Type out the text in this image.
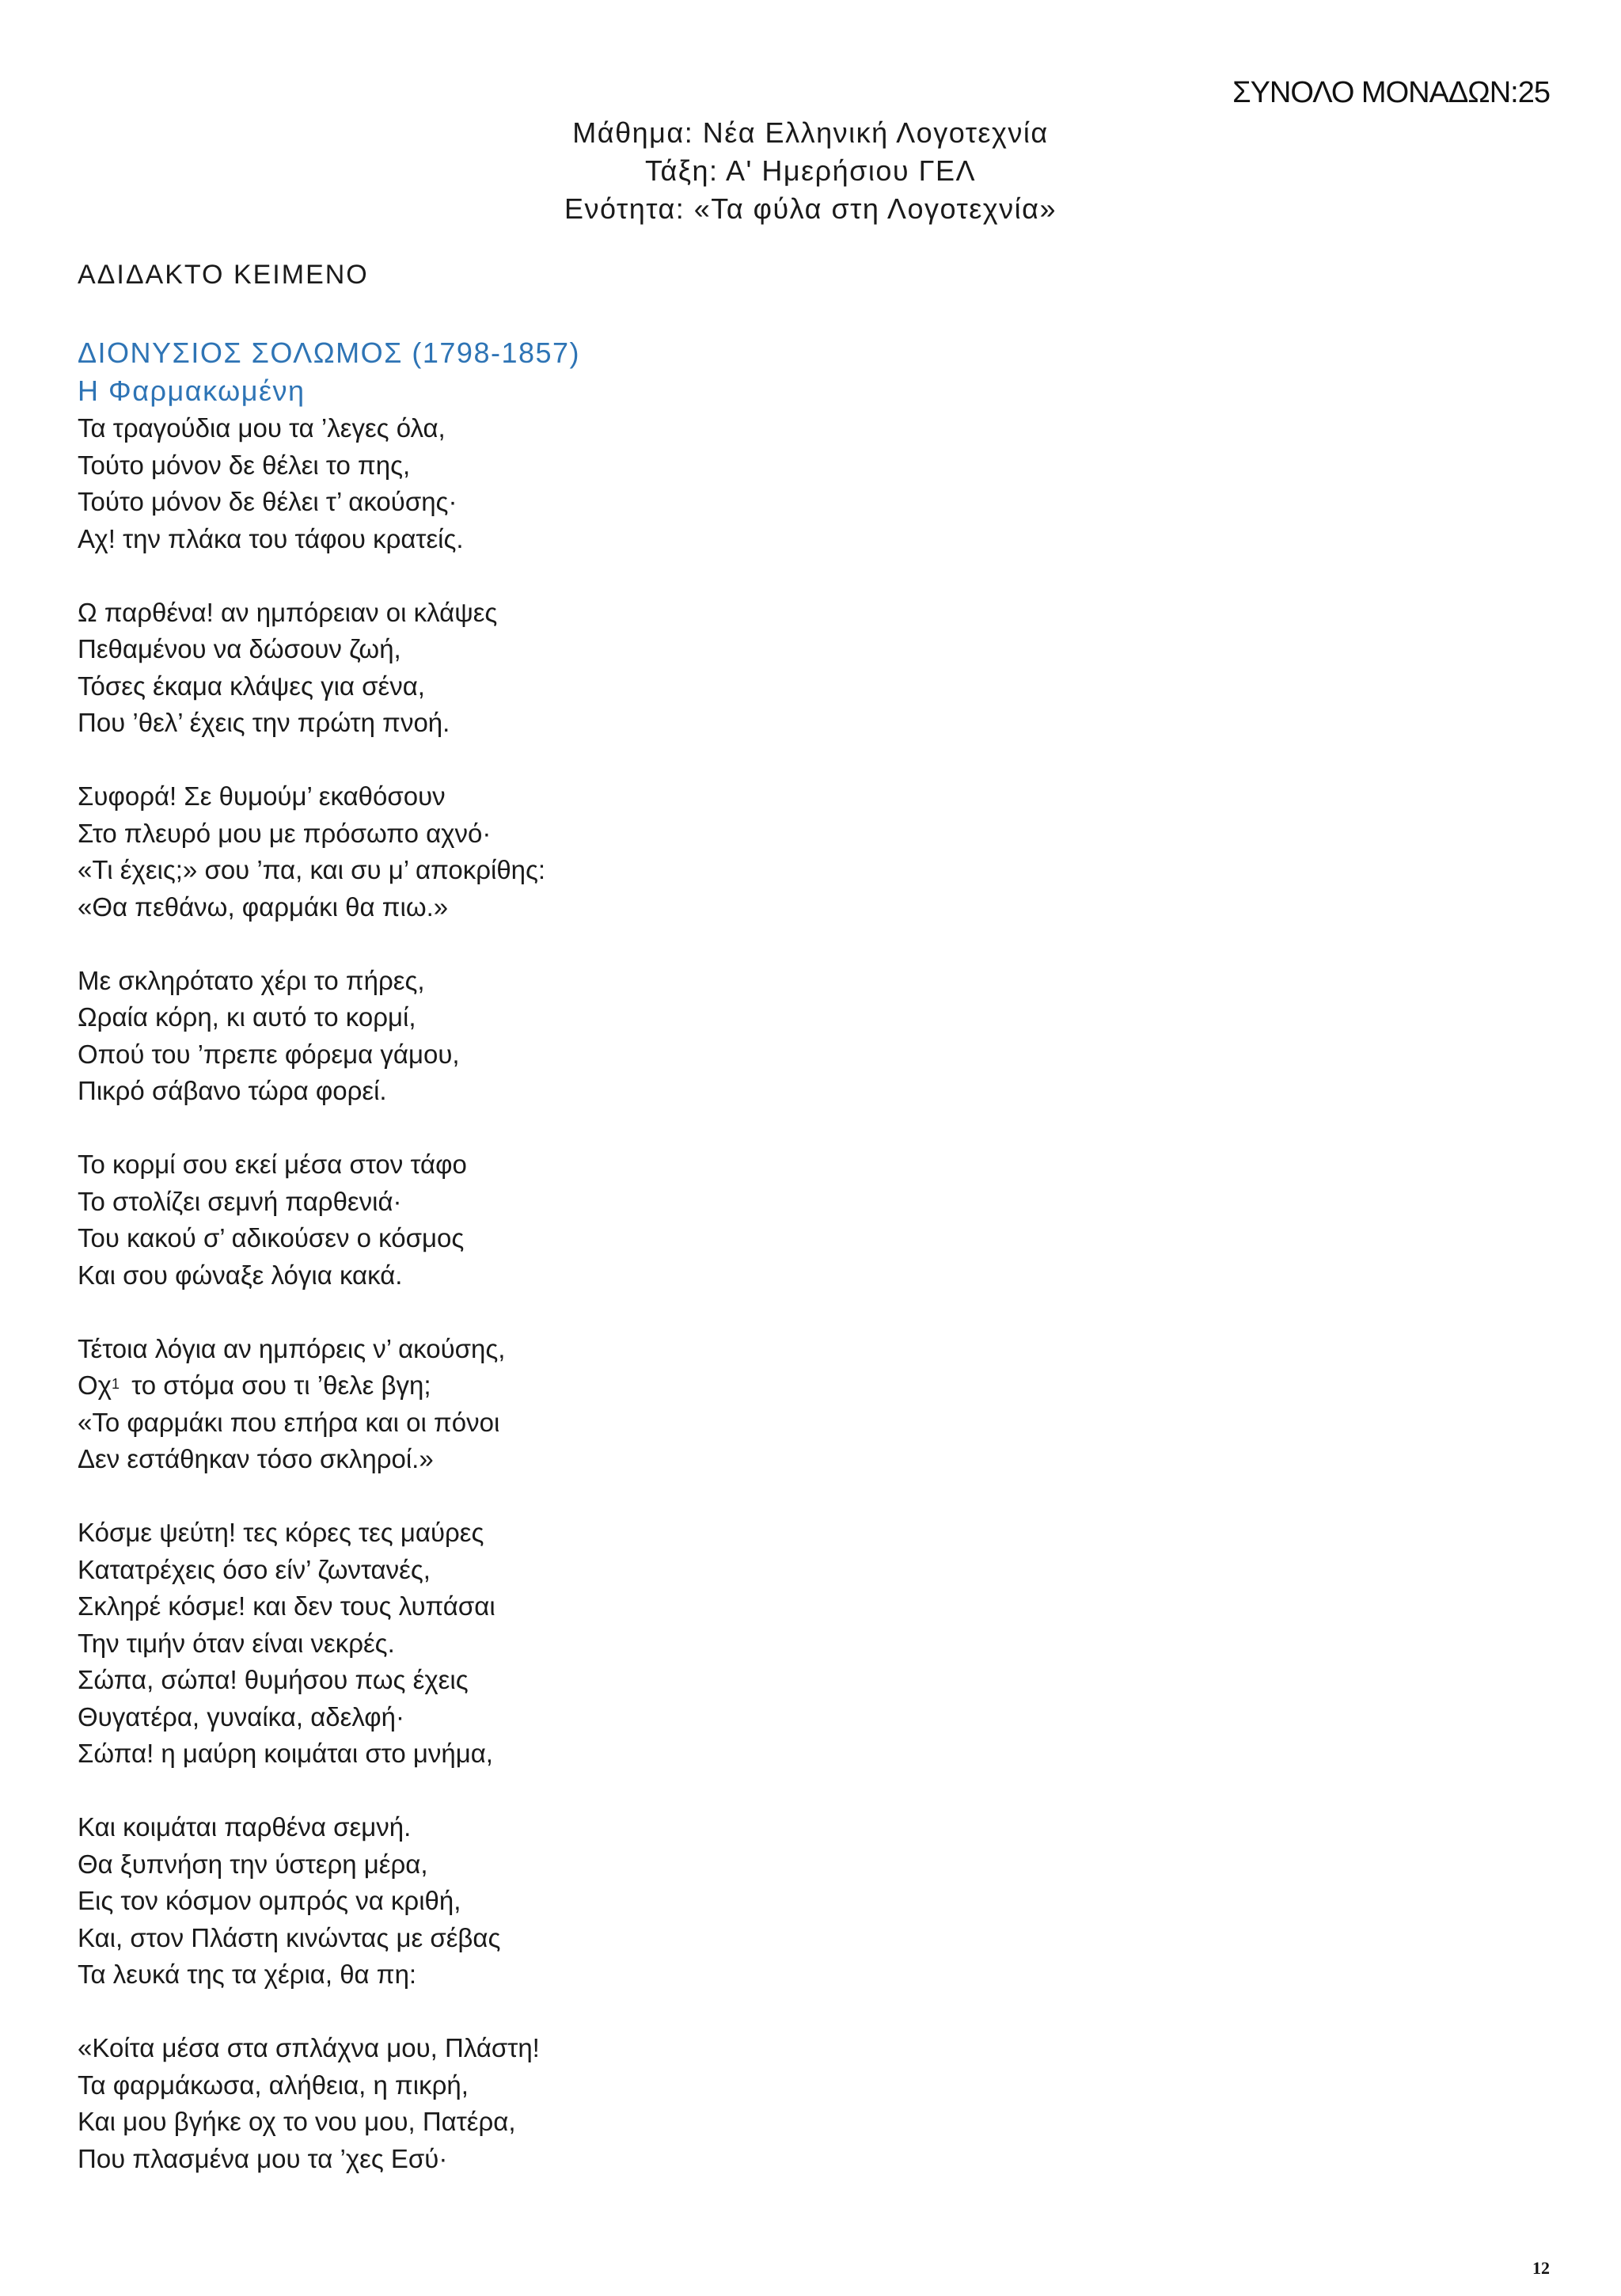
ΣΥΝΟΛΟ ΜΟΝΑΔΩΝ:25
Μάθημα: Νέα Ελληνική Λογοτεχνία
Τάξη: Α' Ημερήσιου ΓΕΛ
Ενότητα: «Τα φύλα στη Λογοτεχνία»
ΑΔΙΔΑΚΤΟ ΚΕΙΜΕΝΟ
ΔΙΟΝΥΣΙΟΣ ΣΟΛΩΜΟΣ (1798-1857)
Η Φαρμακωμένη
Τα τραγούδια μου τα ’λεγες όλα,
Τούτο μόνον δε θέλει το πης,
Τούτο μόνον δε θέλει τ’ ακούσης·
Αχ! την πλάκα του τάφου κρατείς.
Ω παρθένα! αν ημπόρειαν οι κλάψες
Πεθαμένου να δώσουν ζωή,
Τόσες έκαμα κλάψες για σένα,
Που ’θελ’ έχεις την πρώτη πνοή.
Συφορά! Σε θυμούμ’ εκαθόσουν
Στο πλευρό μου με πρόσωπο αχνό·
«Τι έχεις;» σου ’πα, και συ μ’ αποκρίθης:
«Θα πεθάνω, φαρμάκι θα πιω.»
Με σκληρότατο χέρι το πήρες,
Ωραία κόρη, κι αυτό το κορμί,
Οπού του ’πρεπε φόρεμα γάμου,
Πικρό σάβανο τώρα φορεί.
Το κορμί σου εκεί μέσα στον τάφο
Το στολίζει σεμνή παρθενιά·
Του κακού σ’ αδικούσεν ο κόσμος
Και σου φώναξε λόγια κακά.
Τέτοια λόγια αν ημπόρεις ν’ ακούσης,
Οχ$^1$ το στόμα σου τι ’θελε βγη;
«Το φαρμάκι που επήρα και οι πόνοι
Δεν εστάθηκαν τόσο σκληροί.»
Κόσμε ψεύτη! τες κόρες τες μαύρες
Κατατρέχεις όσο είν’ ζωντανές,
Σκληρέ κόσμε! και δεν τους λυπάσαι
Την τιμήν όταν είναι νεκρές.
Σώπα, σώπα! θυμήσου πως έχεις
Θυγατέρα, γυναίκα, αδελφή·
Σώπα! η μαύρη κοιμάται στο μνήμα,
Και κοιμάται παρθένα σεμνή.
Θα ξυπνήση την ύστερη μέρα,
Εις τον κόσμον ομπρός να κριθή,
Και, στον Πλάστη κινώντας με σέβας
Τα λευκά της τα χέρια, θα πη:
«Κοίτα μέσα στα σπλάχνα μου, Πλάστη!
Τα φαρμάκωσα, αλήθεια, η πικρή,
Και μου βγήκε οχ το νου μου, Πατέρα,
Που πλασμένα μου τα ’χες Εσύ·
12
